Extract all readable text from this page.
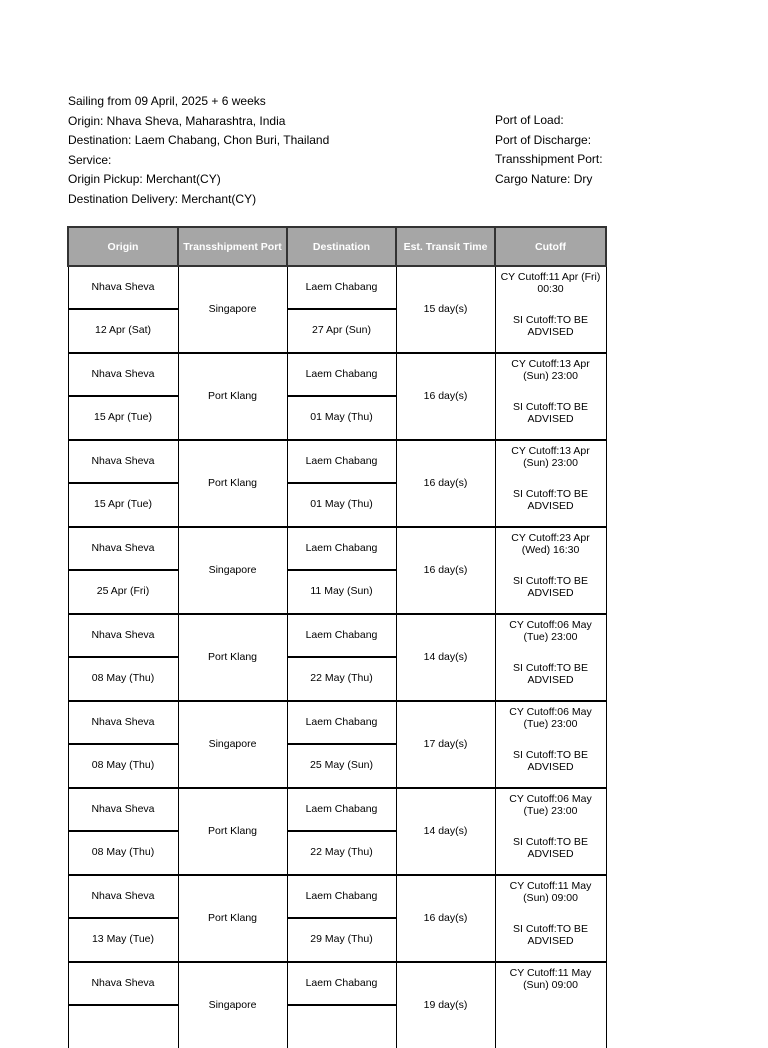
Sailing from 09 April, 2025 + 6 weeks
Origin: Nhava Sheva, Maharashtra, India
Destination: Laem Chabang, Chon Buri, Thailand
Service:
Origin Pickup: Merchant(CY)
Destination Delivery: Merchant(CY)
Port of Load:
Port of Discharge:
Transshipment Port:
Cargo Nature: Dry
Origin	Transshipment Port	Destination	Est. Transit Time	Cutoff
Nhava Sheva	Singapore	Laem Chabang	15 day(s)	CY Cutoff:11 Apr (Fri) 00:30
12 Apr (Sat)		27 Apr (Sun)		SI Cutoff:TO BE ADVISED
Nhava Sheva	Port Klang	Laem Chabang	16 day(s)	CY Cutoff:13 Apr (Sun) 23:00
15 Apr (Tue)		01 May (Thu)		SI Cutoff:TO BE ADVISED
Nhava Sheva	Port Klang	Laem Chabang	16 day(s)	CY Cutoff:13 Apr (Sun) 23:00
15 Apr (Tue)		01 May (Thu)		SI Cutoff:TO BE ADVISED
Nhava Sheva	Singapore	Laem Chabang	16 day(s)	CY Cutoff:23 Apr (Wed) 16:30
25 Apr (Fri)		11 May (Sun)		SI Cutoff:TO BE ADVISED
Nhava Sheva	Port Klang	Laem Chabang	14 day(s)	CY Cutoff:06 May (Tue) 23:00
08 May (Thu)		22 May (Thu)		SI Cutoff:TO BE ADVISED
Nhava Sheva	Singapore	Laem Chabang	17 day(s)	CY Cutoff:06 May (Tue) 23:00
08 May (Thu)		25 May (Sun)		SI Cutoff:TO BE ADVISED
Nhava Sheva	Port Klang	Laem Chabang	14 day(s)	CY Cutoff:06 May (Tue) 23:00
08 May (Thu)		22 May (Thu)		SI Cutoff:TO BE ADVISED
Nhava Sheva	Port Klang	Laem Chabang	16 day(s)	CY Cutoff:11 May (Sun) 09:00
13 May (Tue)		29 May (Thu)		SI Cutoff:TO BE ADVISED
Nhava Sheva	Singapore	Laem Chabang	19 day(s)	CY Cutoff:11 May (Sun) 09:00
